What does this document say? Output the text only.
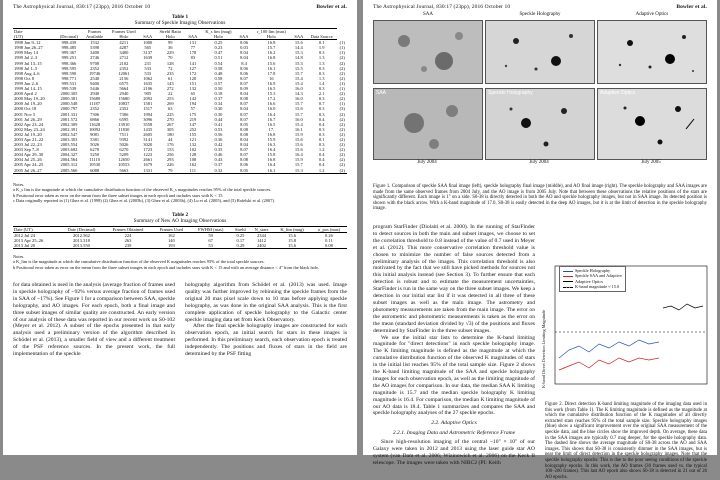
The Astrophysical Journal, 830:17 (23pp), 2016 October 10	Bowler et al.
Table 1
Summary of Speckle Imaging Observations
Date		Frames	Frames Used		Strehl Ratio		K_s lim (mag)		r_100 lim (mas)			
(UT)	(Decimal)	Available	Holo	SAA	Holo	SAA	Holo	SAA	Holo	SAA	Data Source	
1998 Jun 9–12	998.439	1532	4211	1000	99	131	0.25	8.06	16.8	15.6	0.1	(1)
1998 Jun 26–27	998.485	5398	4287	565	36	77	0.23	0.03	15.7	14.4	1.9	(1)
1999 May 14	999.367	3400	3400	3137	229	178	0.47	8.04	16.2	15.3	0.3	(1)
1999 Jul 2–3	999.251	2746	2712	1639	70	83	0.51	8.04	16.8	14.8	1.3	(2)
1999 Jul 13–15	998.366	9708	2102	231	128	141	0.54	8.4	15.6	15.3	1.3	(2)
1998 Jul 1–5	998.595	2352	2352	533	72	127	0.58	8.06	16.1	15.5	0.3	(2)
1998 Aug 4–6	998.590	19746	12061	533	235	172	0.48	8.06	17.8	15.7	0.3	(2)
1998 Oct 8	998.771	2540	2156	1062	61	120	0.58	8.07	16	15.4	1.3	(2)
1999 Jun 2–6	999.531	9400	6575	1635	143	151	0.57	8.07	16.9	15.4	1.4	(1)
1999 Jul 14–15	999.539	5446	5664	2106	272	132	0.50	8.09	16.5	16.0	0.3	(1)
2000 April 2	2000.305	2940	2940	905	22	65	0.18	8.04	15.3	14.3	2.1	(2)
2000 May 19–20	2000.381	15680	15680	2092	253	142	0.37	8.08	17.2	16.0	0.3	(2)
2000 Jul 19–20	2000.548	11187	10837	1581	269	194	0.34	8.07	16.6	15.7	0.7	(1)
2000 Oct 18	2000.797	2352	2352	1517	63	57	0.30	8.04	16.0	15.6	0.3	(3)
2001 Nov 5	2001.331	7306	7306	1994	225	175	0.30	8.07	16.4	15.7	0.3	(2)
2001 Jul 26–29	2001.572	6866	6595	3096	270	219	0.44	8.07	16.7	16.0	0.4	(2)
2002 Apr 23–24	2002.309	11628	13910	3558	267	147	0.41	8.05	16.5	15.4	0.4	(2)
2002 May 23–24	2002.391	10092	11830	1435	305	252	0.53	8.08	17.	16.1	0.3	(2)
2002 Jul 19–20	2002.547	9081	7511	2605	180	155	0.56	8.08	16.8	15.9	0.3	(2)
2003 Apr 21–22	2003.303	5381	9392	3141	44	121	0.36	8.04	15.9	15.6	0.1	(2)
2003 Jul 22–23	2003.554	5026	5026	3020	176	132	0.42	8.04	16.3	15.6	0.3	(2)
2003 Sep 7–8	2003.682	6270	6270	1723	153	102	0.35	8.07	16.4	15.6	1.2	(2)
2004 Apr 29–30	2004.327	5250	5209	1223	256	128	0.46	8.07	15.8	16.4	0.4	(2)
2004 Jul 25–26	2004.564	11110	12650	2661	293	108	0.43	8.08	16.8	15.9	0.4	(2)
2005 Apr 24–25	2005.312	10530	10553	1679	226	162	0.37	8.06	16.4	15.7	0.4	(2)
2005 Jul 26–27	2005.566	6088	5663	1331	79	111	0.32	8.05	16.1	15.3	1.2	(2)
Notes.
a K_s lim is the magnitude at which the cumulative distribution function of the observed K_s magnitudes reaches 95% of the total speckle sources.
b Positional error taken as error on the mean from the three subset images in each epoch and includes stars with K < 15.
c Data originally reported in (1) Ghez et al. (1998) (2) Ghez et al. (2005b), (3) Ghez et al. (2003b), (4) Lu et al. (2005), and (5) Rafelski et al. (2007).
Table 2
Summary of New AO Imaging Observations
Date (UT)	Date (Decimal)	Frames Obtained	Frames Used	FWHM (mas)	Strehl	N_stars	K_lim (mag)	σ_pos (mas)
2012 Jul 24	2012.562	224	162	59	0.25	2344	15.6	0.26
2013 Apr 25–26	2013.318	263	140	67	0.17	1412	15.8	0.11
2013 Jul 20	2013.550	239	193	53	0.29	2402	15.6	0.08
Notes.
a K_lim is the magnitude at which the cumulative distribution function of the observed K magnitudes reaches 95% of the total speckle sources.
b Positional error taken as error on the mean from the three subset images in each epoch and includes stars with K < 15 and with an average distance < 4'' from the black hole.

for data obtained is used in the analysis (average fraction of frames used in speckle holography of ~92% versus average fraction of frames used in SAA of ~17%). See Figure 1 for a comparison between SAA, speckle holography, and AO images. For each epoch, both a final image and three subset images of similar quality are constructed. An early version of our analysis of these data was reported in our recent work on S0-102 (Meyer et al. 2012). A subset of the epochs presented in that early analysis used a preliminary version of the algorithm described in Schödel et al. (2013), a smaller field of view and a different treatment of the PSF reference sources. In the present work, the full implementation of the speckle

holography algorithm from Schödel et al. (2013) was used. Image quality was further improved by rebinning the speckle frames from the original 20 mas pixel scale down to 10 mas before applying speckle holography, as was done in the original SAA analysis. This is the first complete application of speckle holography to the Galactic center speckle imaging data set from Keck Observatory.

After the final speckle holography images are constructed for each observation epoch, an initial search for stars in these images is performed. In this preliminary search, each observation epoch is treated independently. The positions and fluxes of stars in the field are determined by the PSF fitting

The Astrophysical Journal, 830:17 (23pp), 2016 October 10	Bowler et al.
SAA	Speckle Holography	Adaptive Optics
SAA	Speckle Holography	Adaptive Optics
July 2004	July 2004	July 2005
Figure 1. Comparison of speckle SAA final image (left), speckle holography final image (middle), and AO final image (right). The speckle holography and SAA images are made from the same observed frames from 2004 July, and the AO image is from 2005 July. Note that between these observations the relative positions of the stars are significantly different. Each image is 1'' on a side. S0-38 is directly detected in both the AO and speckle holography images, but not in SAA image. Its detected position is shown with the black arrow. With a K-band magnitude of 17.0, S0-38 is easily detected in the deep AO images, but it is at the limit of detection in the speckle holography image.

program StarFinder (Diolaiti et al. 2000). In the running of StarFinder to detect sources in both the main and subset images, we choose to set the correlation threshold to 0.8 instead of the value of 0.7 used in Meyer et al. (2012). This more conservative correlation threshold value is chosen to minimize the number of false sources detected from a preliminary analysis of the images. This correlation threshold is also motivated by the fact that we still have picked methods for sources not this initial analysis instead (see Section 3). To further ensure that each detection is robust and to estimate the measurement uncertainties, StarFinder is run in the same way on the three subset images. We keep a detection in our initial star list if it was detected in all three of these subset images as well as the main image. The astrometry and photometry measurements are taken from the main image. The error on the astrometric and photometric measurements is taken as the error on the mean (standard deviation divided by √3) of the positions and fluxes determined by StarFinder in the three subset images.

We use the initial star lists to determine the K-band limiting magnitude for "direct detections" in each speckle holography image. The K limiting magnitude is defined as the magnitude at which the cumulative distribution function of the observed K magnitudes of stars in the initial list reaches 95% of the total sample size. Figure 2 shows the K-band limiting magnitude of the SAA and speckle holography images for each observation epoch, as well as the limiting magnitude of the AO images for comparison. In our data, the median SAA K limiting magnitude is 15.7 and the median speckle holography K limiting magnitude is 16.4. For comparison, the median K limiting magnitude of our AO data is 18.4. Table 1 summarizes and compares the SAA and speckle holography analyses of the 27 speckle epochs.

2.2. Adaptive Optics
2.2.1. Imaging Data and Astrometric Reference Frame

Since high-resolution imaging of the central ~10'' × 10'' of our Galaxy were taken in 2012 and 2013 using the laser guide star AO system (van Dam et al. 2006; Wizinowich et al. 2006) on the Keck II telescope. The images were taken with NIRC2 (PI: Keith

Speckle Holography
Speckle SAA and Adaptive
Adaptive Optics
K-band magnitude ≈ 15.0
K-band Direct Detection Limiting Magnitude
Figure 2. Direct detection K-band limiting magnitude of the imaging data used in this work (from Table 1). The K limiting magnitude is defined as the magnitude at which the cumulative distribution function of the K magnitudes of all directly extracted stars reaches 95% of the total sample size. Speckle holography images (blue) show a significant improvement over the original SAA measurement of the speckle data, and the blue circles show the improved depth. On average, these data in the SAA images are typically 0.7 mag deeper, for the speckle holography data. The dashed line shows the average magnitude of S0-38 across the AO and SAA images. This shows that S0-38 is consistently dimmer in the SAA images, but is near the limit of direct detection in the speckle holography images. Note that the speckle holography epochs: This is due to the poor seeing conditions of the speckle holography epochs. In this work, the AO frames (30 frames used vs. the typical 100–200 frames). This last AO epoch also shows S0-38 is detected in 21 out of 26 AO epochs.
